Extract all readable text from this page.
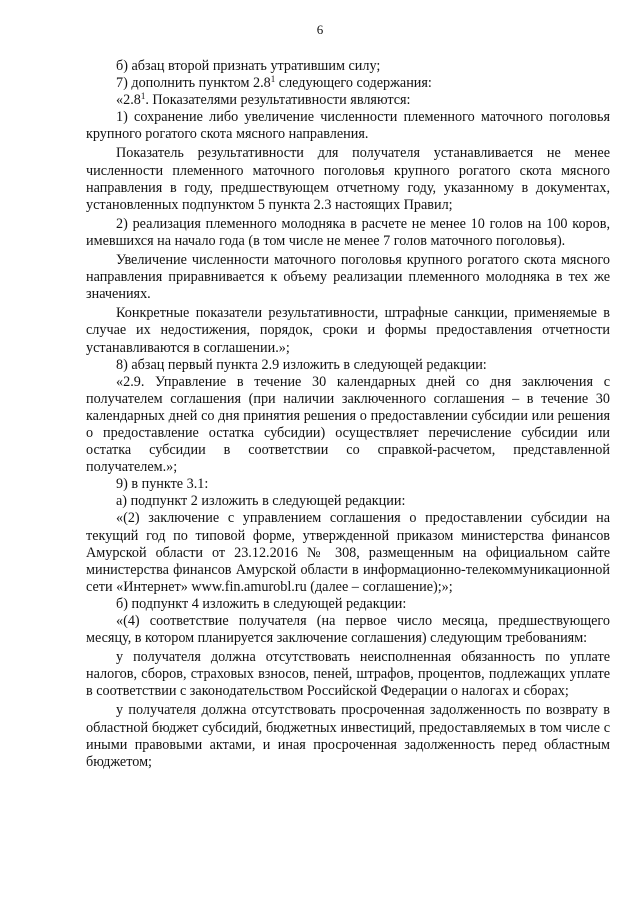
6

б) абзац второй признать утратившим силу;

7) дополнить пунктом $2.8^1$ следующего содержания:

«$2.8^1$. Показателями результативности являются:

1) сохранение либо увеличение численности племенного маточного поголовья крупного рогатого скота мясного направления.

Показатель результативности для получателя устанавливается не менее численности племенного маточного поголовья крупного рогатого скота мясного направления в году, предшествующем отчетному году, указанному в документах, установленных подпунктом 5 пункта 2.3 настоящих Правил;

2) реализация племенного молодняка в расчете не менее 10 голов на 100 коров, имевшихся на начало года (в том числе не менее 7 голов маточного поголовья).

Увеличение численности маточного поголовья крупного рогатого скота мясного направления приравнивается к объему реализации племенного молодняка в тех же значениях.

Конкретные показатели результативности, штрафные санкции, применяемые в случае их недостижения, порядок, сроки и формы предоставления отчетности устанавливаются в соглашении.»;

8) абзац первый пункта 2.9 изложить в следующей редакции:

«2.9. Управление в течение 30 календарных дней со дня заключения с получателем соглашения (при наличии заключенного соглашения – в течение 30 календарных дней со дня принятия решения о предоставлении субсидии или решения о предоставление остатка субсидии) осуществляет перечисление субсидии или остатка субсидии в соответствии со справкой-расчетом, представленной получателем.»;

9) в пункте 3.1:

а) подпункт 2 изложить в следующей редакции:

«(2) заключение с управлением соглашения о предоставлении субсидии на текущий год по типовой форме, утвержденной приказом министерства финансов Амурской области от 23.12.2016 № 308, размещенным на официальном сайте министерства финансов Амурской области в информационно-телекоммуникационной сети «Интернет» www.fin.amurobl.ru (далее – соглашение);»;

б) подпункт 4 изложить в следующей редакции:

«(4) соответствие получателя (на первое число месяца, предшествующего месяцу, в котором планируется заключение соглашения) следующим требованиям:

у получателя должна отсутствовать неисполненная обязанность по уплате налогов, сборов, страховых взносов, пеней, штрафов, процентов, подлежащих уплате в соответствии с законодательством Российской Федерации о налогах и сборах;

у получателя должна отсутствовать просроченная задолженность по возврату в областной бюджет субсидий, бюджетных инвестиций, предоставляемых в том числе с иными правовыми актами, и иная просроченная задолженность перед областным бюджетом;
